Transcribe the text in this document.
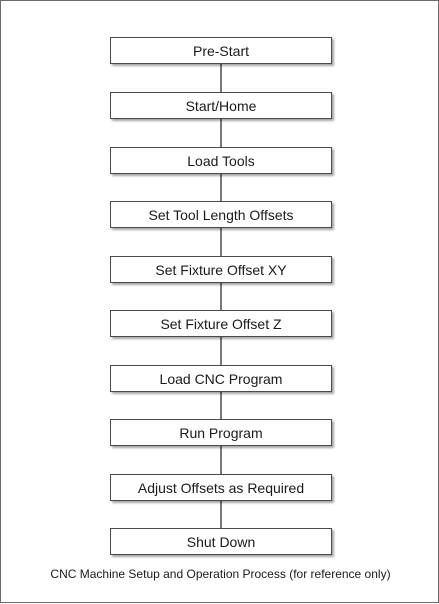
Pre-Start
Start/Home
Load Tools
Set Tool Length Offsets
Set Fixture Offset XY
Set Fixture Offset Z
Load CNC Program
Run Program
Adjust Offsets as Required
Shut Down
CNC Machine Setup and Operation Process (for reference only)
